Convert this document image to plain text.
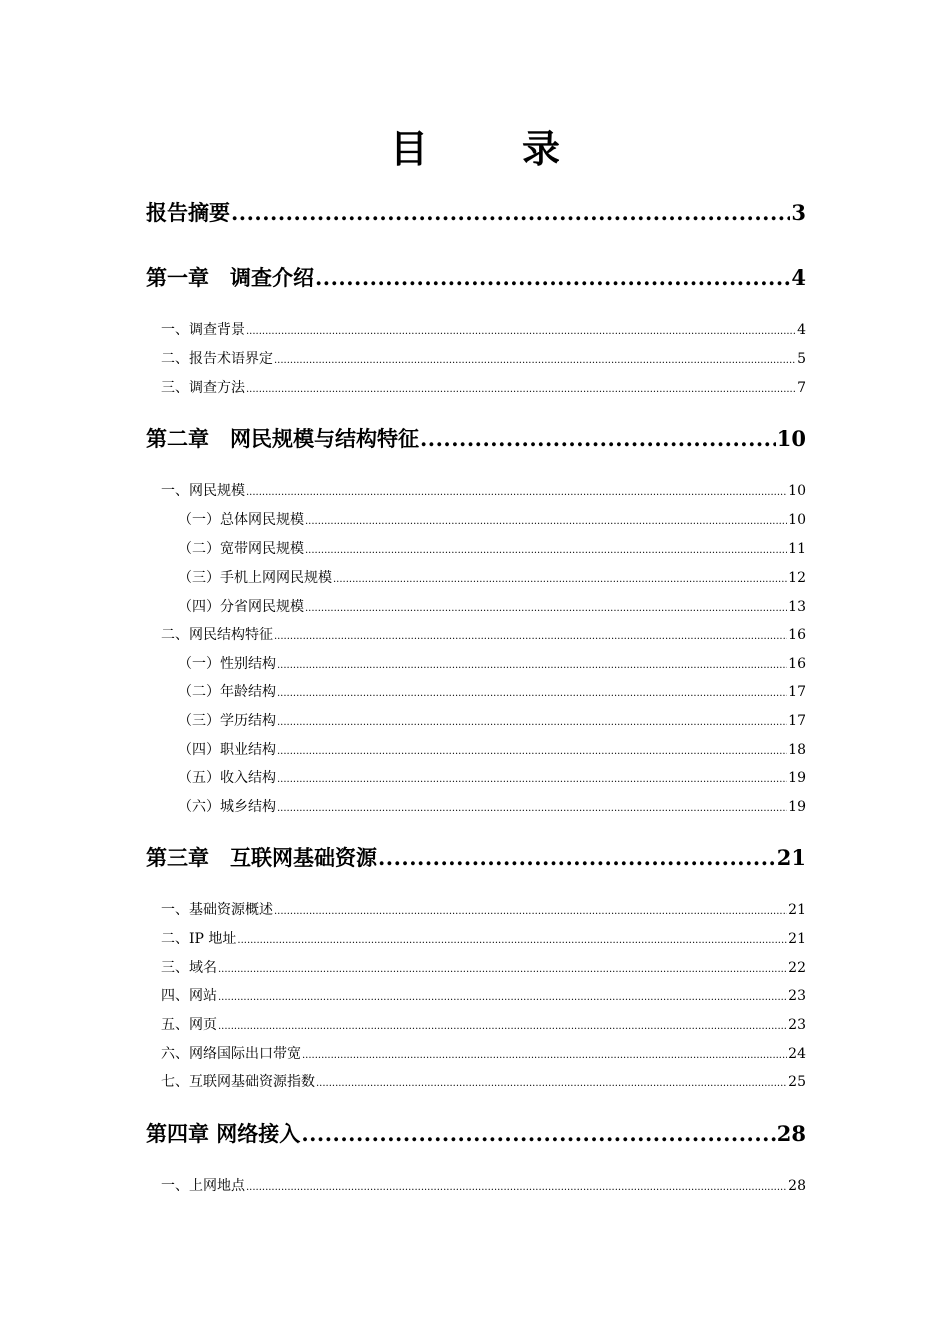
目　录
报告摘要 .....	3
第一章　调查介绍 .....	4
一、调查背景 .....	4
二、报告术语界定 .....	5
三、调查方法 .....	7
第二章　网民规模与结构特征 .....	10
一、网民规模 .....	10
（一）总体网民规模 .....	10
（二）宽带网民规模 .....	11
（三）手机上网网民规模 .....	12
（四）分省网民规模 .....	13
二、网民结构特征 .....	16
（一）性别结构 .....	16
（二）年龄结构 .....	17
（三）学历结构 .....	17
（四）职业结构 .....	18
（五）收入结构 .....	19
（六）城乡结构 .....	19
第三章　互联网基础资源 .....	21
一、基础资源概述 .....	21
二、IP 地址 .....	21
三、域名 .....	22
四、网站 .....	23
五、网页 .....	23
六、网络国际出口带宽 .....	24
七、互联网基础资源指数 .....	25
第四章 网络接入 .....	28
一、上网地点 .....	28
